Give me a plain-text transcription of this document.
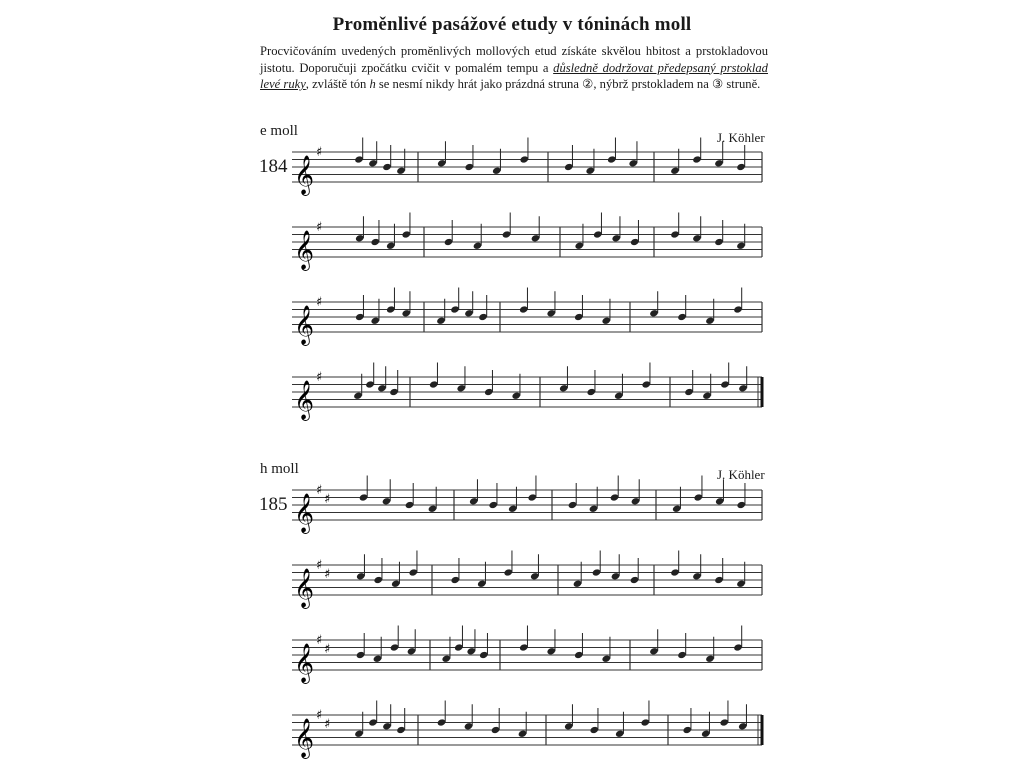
Proměnlivé pasážové etudy v tóninách moll
Procvičováním uvedených proměnlivých mollových etud získáte skvělou hbitost a prstokladovou jistotu. Doporučuji zpočátku cvičit v pomalém tempu a důsledně dodržovat předepsaný prstoklad levé ruky, zvláště tón h se nesmí nikdy hrát jako prázdná struna ②, nýbrž prstokladem na ③ struně.
e moll	J. Köhler
184
h moll	J. Köhler
185
𝄞
♯
𝄞
♯
𝄞
♯
𝄞
♯
𝄞
♯
♯
𝄞
♯
♯
𝄞
♯
♯
𝄞
♯
♯
